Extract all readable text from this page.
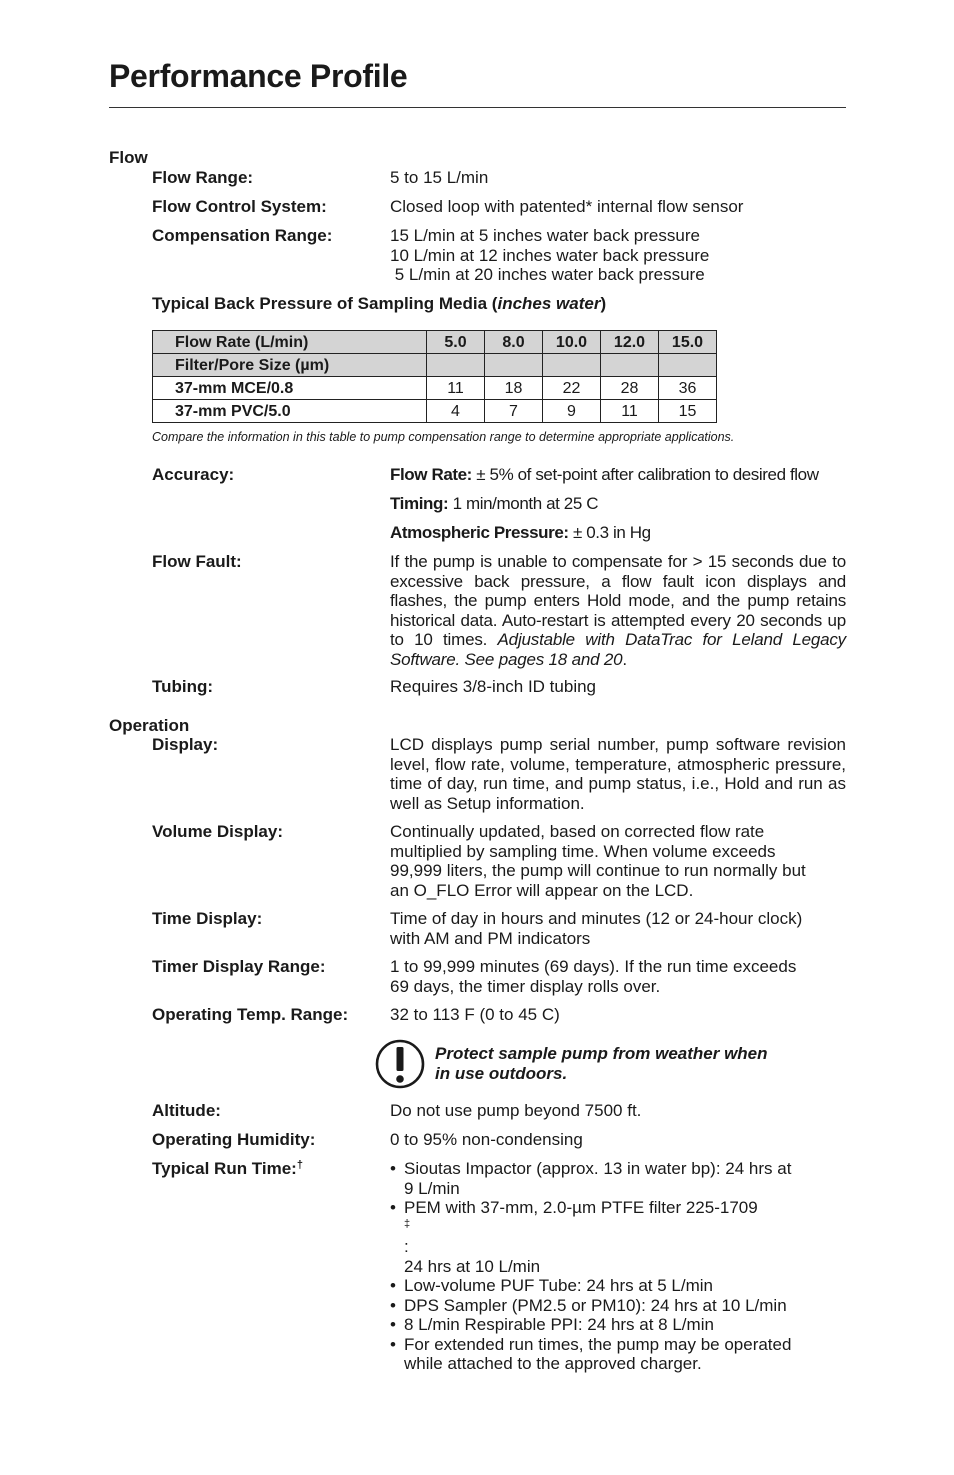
Performance Profile
Flow
Flow Range:	5 to 15 L/min
Flow Control System:	Closed loop with patented* internal flow sensor
Compensation Range:	15 L/min at 5 inches water back pressure
10 L/min at 12 inches water back pressure
5 L/min at 20 inches water back pressure
Typical Back Pressure of Sampling Media (inches water)
Flow Rate (L/min)	5.0	8.0	10.0	12.0	15.0
Filter/Pore Size (µm)					
37-mm MCE/0.8	11	18	22	28	36
37-mm PVC/5.0	4	7	9	11	15
Compare the information in this table to pump compensation range to determine appropriate applications.
Accuracy:	Flow Rate: ± 5% of set-point after calibration to desired flow
Timing: 1 min/month at 25 C
Atmospheric Pressure: ± 0.3 in Hg
Flow Fault:	If the pump is unable to compensate for > 15 seconds due to excessive back pressure, a flow fault icon displays and flashes, the pump enters Hold mode, and the pump retains historical data. Auto-restart is attempted every 20 seconds up to 10 times. Adjustable with DataTrac for Leland Legacy Software. See pages 18 and 20.
Tubing:	Requires 3/8-inch ID tubing
Operation
Display:	LCD displays pump serial number, pump software revision level, flow rate, volume, temperature, atmospheric pressure, time of day, run time, and pump status, i.e., Hold and run as well as Setup information.
Volume Display:	Continually updated, based on corrected flow rate
multiplied by sampling time. When volume exceeds
99,999 liters, the pump will continue to run normally but
an O_FLO Error will appear on the LCD.
Time Display:	Time of day in hours and minutes (12 or 24-hour clock)
with AM and PM indicators
Timer Display Range:	1 to 99,999 minutes (69 days). If the run time exceeds
69 days, the timer display rolls over.
Operating Temp. Range: 32 to 113 F (0 to 45 C)
Protect sample pump from weather when
in use outdoors.
Altitude:	Do not use pump beyond 7500 ft.
Operating Humidity:	0 to 95% non-condensing
Typical Run Time:†	• Sioutas Impactor (approx. 13 in water bp): 24 hrs at
9 L/min
• PEM with 37-mm, 2.0-µm PTFE filter 225-1709
‡
:
24 hrs at 10 L/min
• Low-volume PUF Tube: 24 hrs at 5 L/min
• DPS Sampler (PM2.5 or PM10): 24 hrs at 10 L/min
• 8 L/min Respirable PPI: 24 hrs at 8 L/min
• For extended run times, the pump may be operated
while attached to the approved charger.
